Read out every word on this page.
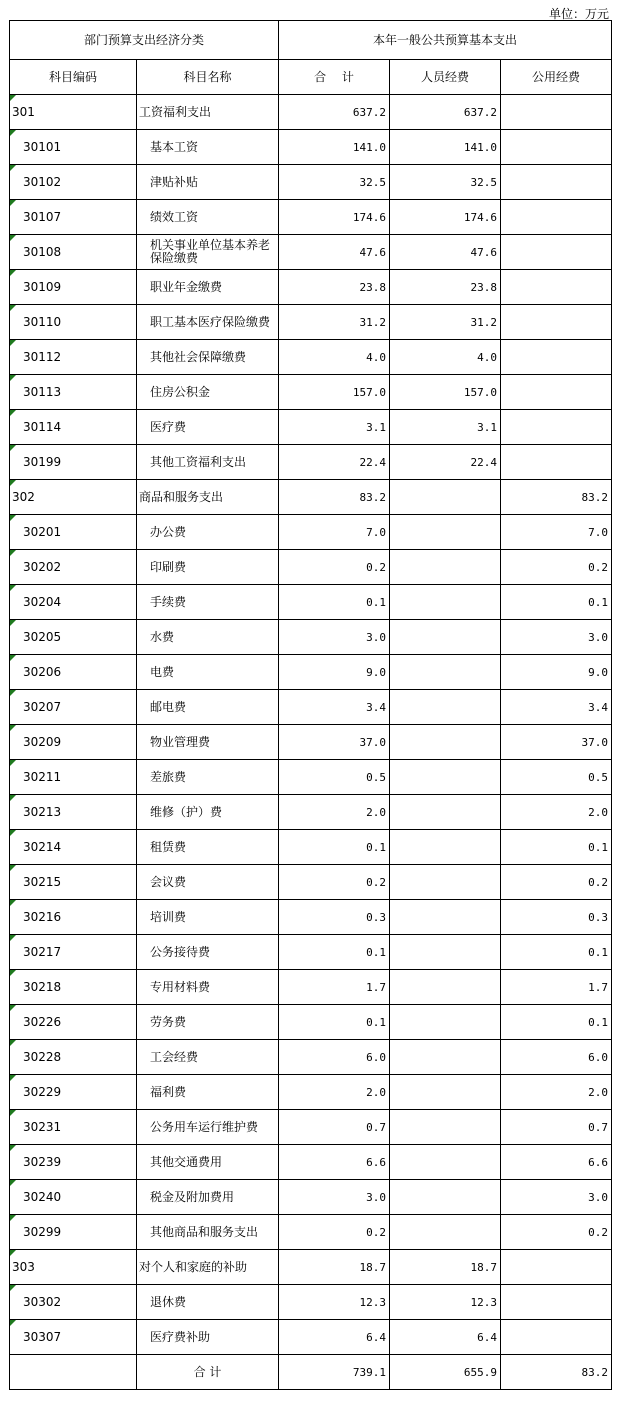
单位：万元
部门预算支出经济分类		本年一般公共预算基本支出		
科目编码	科目名称	合　 计	人员经费	公用经费
301	工资福利支出	637.2	637.2	
30101	基本工资	141.0	141.0	
30102	津贴补贴	32.5	32.5	
30107	绩效工资	174.6	174.6	
30108	机关事业单位基本养老保险缴费	47.6	47.6	
30109	职业年金缴费	23.8	23.8	
30110	职工基本医疗保险缴费	31.2	31.2	
30112	其他社会保障缴费	4.0	4.0	
30113	住房公积金	157.0	157.0	
30114	医疗费	3.1	3.1	
30199	其他工资福利支出	22.4	22.4	
302	商品和服务支出	83.2		83.2
30201	办公费	7.0		7.0
30202	印刷费	0.2		0.2
30204	手续费	0.1		0.1
30205	水费	3.0		3.0
30206	电费	9.0		9.0
30207	邮电费	3.4		3.4
30209	物业管理费	37.0		37.0
30211	差旅费	0.5		0.5
30213	维修（护）费	2.0		2.0
30214	租赁费	0.1		0.1
30215	会议费	0.2		0.2
30216	培训费	0.3		0.3
30217	公务接待费	0.1		0.1
30218	专用材料费	1.7		1.7
30226	劳务费	0.1		0.1
30228	工会经费	6.0		6.0
30229	福利费	2.0		2.0
30231	公务用车运行维护费	0.7		0.7
30239	其他交通费用	6.6		6.6
30240	税金及附加费用	3.0		3.0
30299	其他商品和服务支出	0.2		0.2
303	对个人和家庭的补助	18.7	18.7	
30302	退休费	12.3	12.3	
30307	医疗费补助	6.4	6.4	
	合 计	739.1	655.9	83.2
